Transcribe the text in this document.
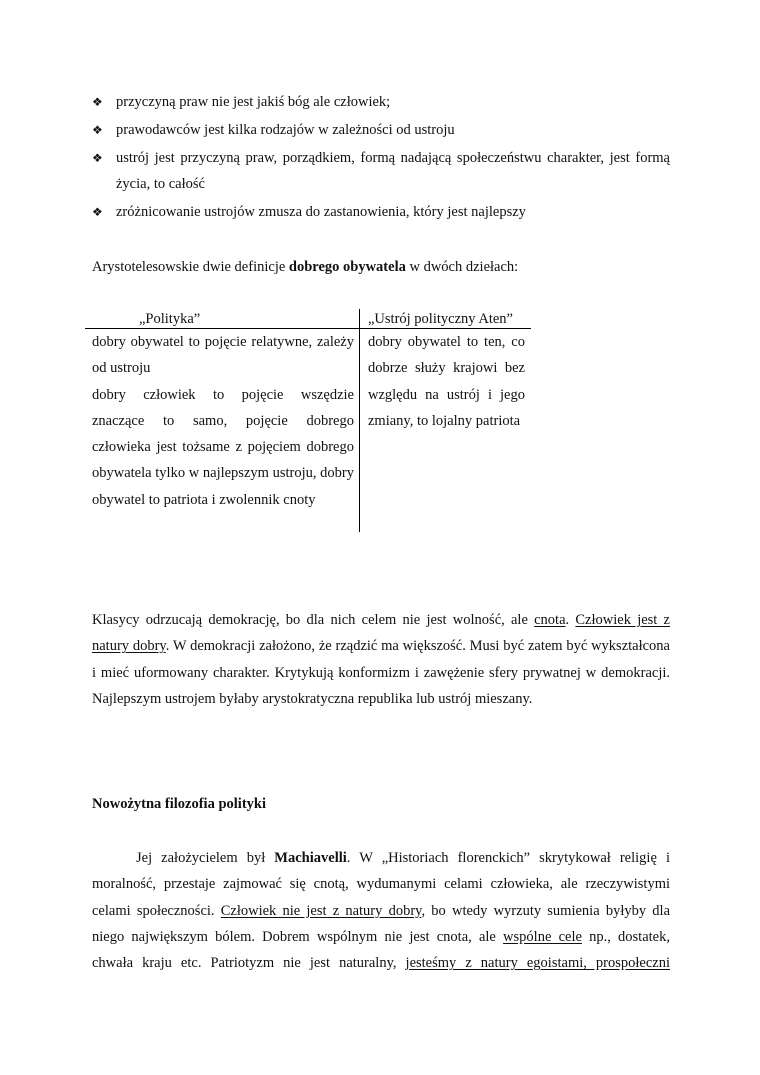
❖ przyczyną praw nie jest jakiś bóg ale człowiek;
❖ prawodawców jest kilka rodzajów w zależności od ustroju
❖ ustrój jest przyczyną praw, porządkiem, formą nadającą społeczeństwu charakter, jest formą życia, to całość
❖ zróżnicowanie ustrojów zmusza do zastanowienia, który jest najlepszy

Arystotelesowskie dwie definicje dobrego obywatela w dwóch dziełach:

„Polityka”	„Ustrój polityczny Aten”

dobry obywatel to pojęcie relatywne, zależy od ustroju

dobry człowiek to pojęcie wszędzie znaczące to samo, pojęcie dobrego człowieka jest tożsame z pojęciem dobrego obywatela tylko w najlepszym ustroju, dobry obywatel to patriota i zwolennik cnoty

dobry obywatel to ten, co dobrze służy krajowi bez względu na ustrój i jego zmiany, to lojalny patriota

Klasycy odrzucają demokrację, bo dla nich celem nie jest wolność, ale cnota. Człowiek jest z natury dobry. W demokracji założono, że rządzić ma większość. Musi być zatem być wykształcona i mieć uformowany charakter. Krytykują konformizm i zawężenie sfery prywatnej w demokracji. Najlepszym ustrojem byłaby arystokratyczna republika lub ustrój mieszany.

Nowożytna filozofia polityki

Jej założycielem był Machiavelli. W „Historiach florenckich” skrytykował religię i moralność, przestaje zajmować się cnotą, wydumanymi celami człowieka, ale rzeczywistymi celami społeczności. Człowiek nie jest z natury dobry, bo wtedy wyrzuty sumienia byłyby dla niego największym bólem. Dobrem wspólnym nie jest cnota, ale wspólne cele np., dostatek, chwała kraju etc. Patriotyzm nie jest naturalny, jesteśmy z natury egoistami, prospołeczni
